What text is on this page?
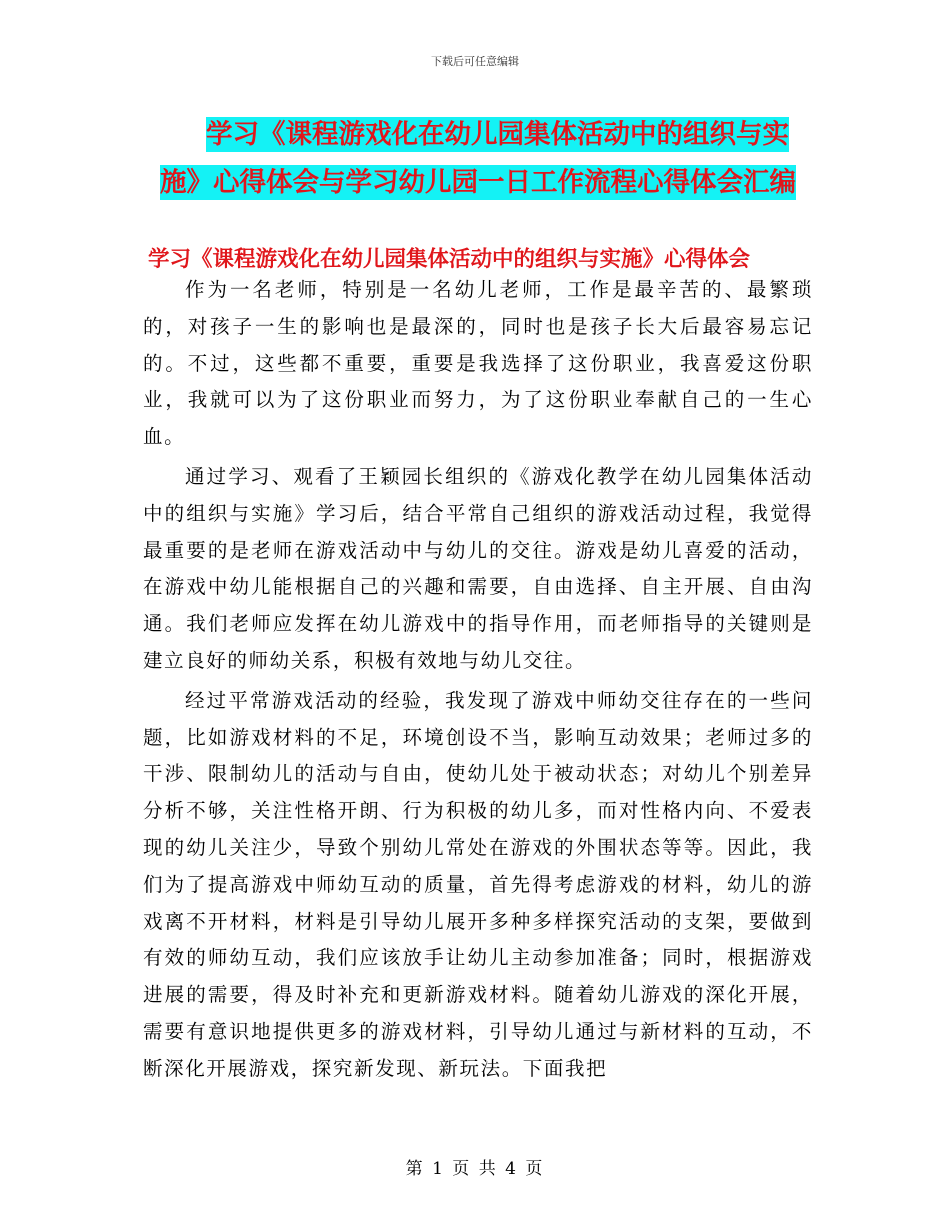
下载后可任意编辑
学习《课程游戏化在幼儿园集体活动中的组织与实
施》心得体会与学习幼儿园一日工作流程心得体会汇编
学习《课程游戏化在幼儿园集体活动中的组织与实施》心得体会

作为一名老师，特别是一名幼儿老师，工作是最辛苦的、最繁琐的，对孩子一生的影响也是最深的，同时也是孩子长大后最容易忘记的。不过，这些都不重要，重要是我选择了这份职业，我喜爱这份职业，我就可以为了这份职业而努力，为了这份职业奉献自己的一生心血。

通过学习、观看了王颖园长组织的《游戏化教学在幼儿园集体活动中的组织与实施》学习后，结合平常自己组织的游戏活动过程，我觉得最重要的是老师在游戏活动中与幼儿的交往。游戏是幼儿喜爱的活动，在游戏中幼儿能根据自己的兴趣和需要，自由选择、自主开展、自由沟通。我们老师应发挥在幼儿游戏中的指导作用，而老师指导的关键则是建立良好的师幼关系，积极有效地与幼儿交往。

经过平常游戏活动的经验，我发现了游戏中师幼交往存在的一些问题，比如游戏材料的不足，环境创设不当，影响互动效果；老师过多的干涉、限制幼儿的活动与自由，使幼儿处于被动状态；对幼儿个别差异分析不够，关注性格开朗、行为积极的幼儿多，而对性格内向、不爱表现的幼儿关注少，导致个别幼儿常处在游戏的外围状态等等。因此，我们为了提高游戏中师幼互动的质量，首先得考虑游戏的材料，幼儿的游戏离不开材料，材料是引导幼儿展开多种多样探究活动的支架，要做到有效的师幼互动，我们应该放手让幼儿主动参加准备；同时，根据游戏进展的需要，得及时补充和更新游戏材料。随着幼儿游戏的深化开展，需要有意识地提供更多的游戏材料，引导幼儿通过与新材料的互动，不断深化开展游戏，探究新发现、新玩法。下面我把

第 1 页 共 4 页
